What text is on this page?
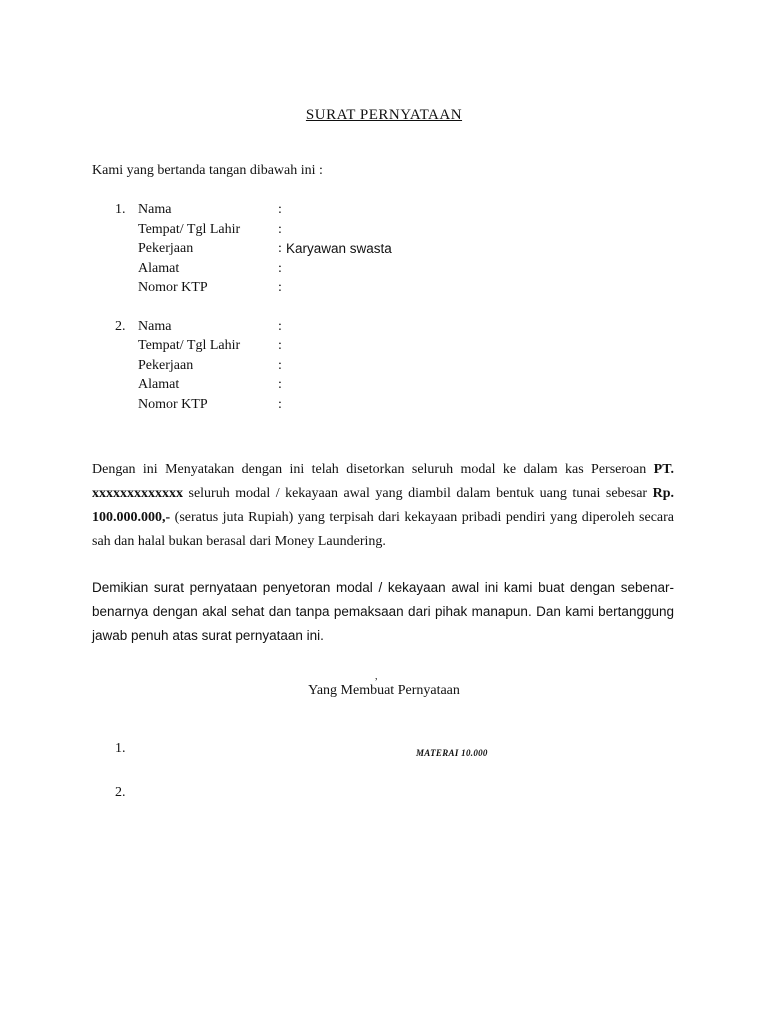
SURAT PERNYATAAN
Kami yang bertanda tangan dibawah ini :
1. Nama	:
Tempat/ Tgl Lahir	:
Pekerjaan	: Karyawan swasta
Alamat	:
Nomor KTP	:
2. Nama	:
Tempat/ Tgl Lahir	:
Pekerjaan	:
Alamat	:
Nomor KTP	:

Dengan ini Menyatakan dengan ini telah disetorkan seluruh modal ke dalam kas Perseroan PT. xxxxxxxxxxxxx seluruh modal / kekayaan awal yang diambil dalam bentuk uang tunai sebesar Rp. 100.000.000,- (seratus juta Rupiah) yang terpisah dari kekayaan pribadi pendiri yang diperoleh secara sah dan halal bukan berasal dari Money Laundering.

Demikian surat pernyataan penyetoran modal / kekayaan awal ini kami buat dengan sebenar-benarnya dengan akal sehat dan tanpa pemaksaan dari pihak manapun. Dan kami bertanggung jawab penuh atas surat pernyataan ini.

,
Yang Membuat Pernyataan
1.	MATERAI 10.000
2.
